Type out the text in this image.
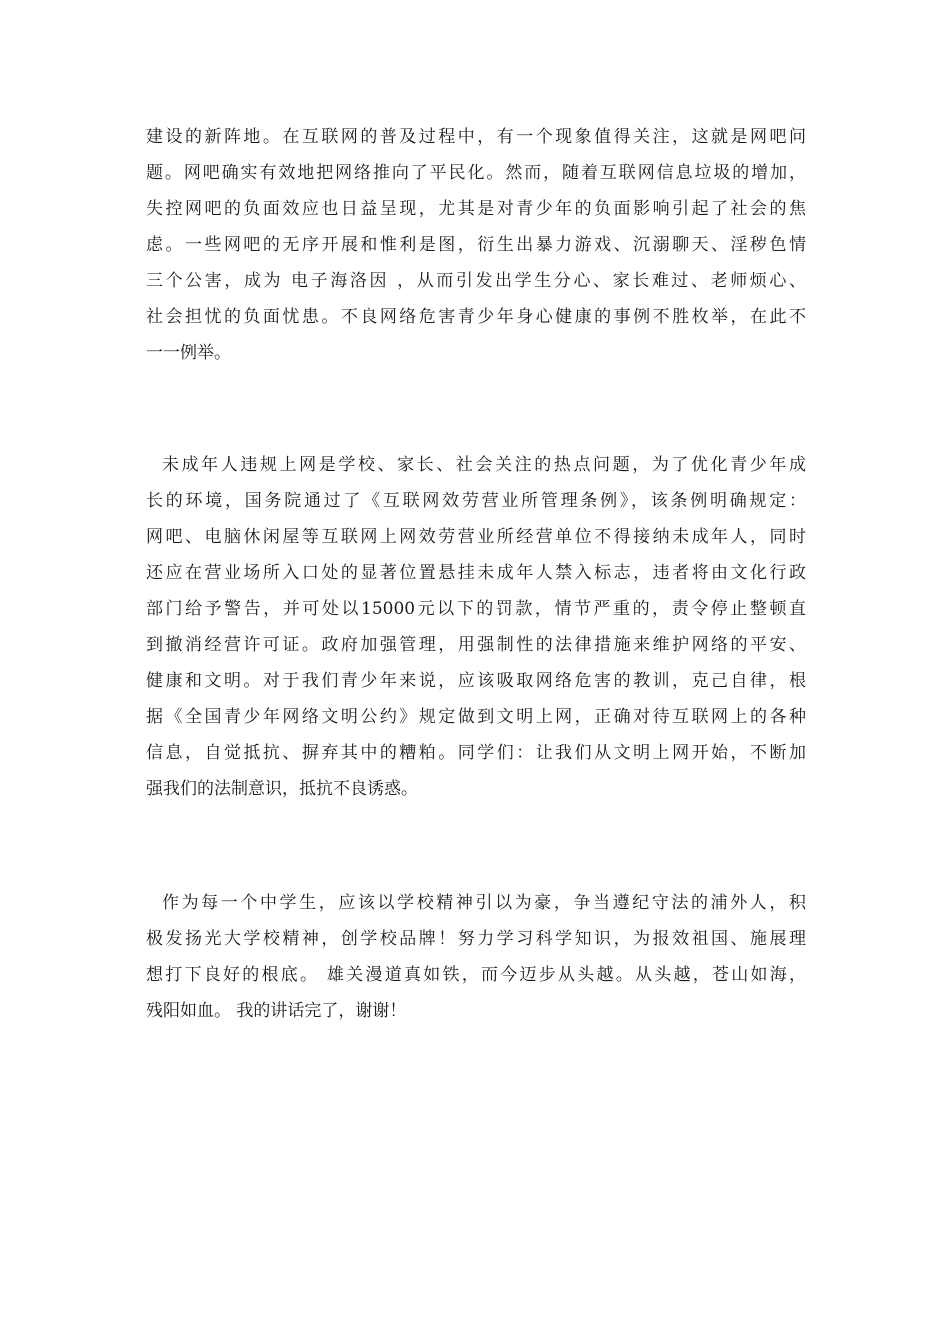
建设的新阵地。在互联网的普及过程中，有一个现象值得关注，这就是网吧问
题。网吧确实有效地把网络推向了平民化。然而，随着互联网信息垃圾的增加，
失控网吧的负面效应也日益呈现，尤其是对青少年的负面影响引起了社会的焦
虑。一些网吧的无序开展和惟利是图，衍生出暴力游戏、沉溺聊天、淫秽色情
三个公害，成为 电子海洛因 ，从而引发出学生分心、家长难过、老师烦心、
社会担忧的负面忧患。不良网络危害青少年身心健康的事例不胜枚举，在此不
一一例举。
未成年人违规上网是学校、家长、社会关注的热点问题，为了优化青少年成
长的环境，国务院通过了《互联网效劳营业所管理条例》，该条例明确规定：
网吧、电脑休闲屋等互联网上网效劳营业所经营单位不得接纳未成年人，同时
还应在营业场所入口处的显著位置悬挂未成年人禁入标志，违者将由文化行政
部门给予警告，并可处以15000元以下的罚款，情节严重的，责令停止整顿直
到撤消经营许可证。政府加强管理，用强制性的法律措施来维护网络的平安、
健康和文明。对于我们青少年来说，应该吸取网络危害的教训，克己自律，根
据《全国青少年网络文明公约》规定做到文明上网，正确对待互联网上的各种
信息，自觉抵抗、摒弃其中的糟粕。同学们：让我们从文明上网开始，不断加
强我们的法制意识，抵抗不良诱惑。
作为每一个中学生，应该以学校精神引以为豪，争当遵纪守法的浦外人，积
极发扬光大学校精神，创学校品牌！努力学习科学知识，为报效祖国、施展理
想打下良好的根底。 雄关漫道真如铁，而今迈步从头越。从头越，苍山如海，
残阳如血。 我的讲话完了，谢谢！
